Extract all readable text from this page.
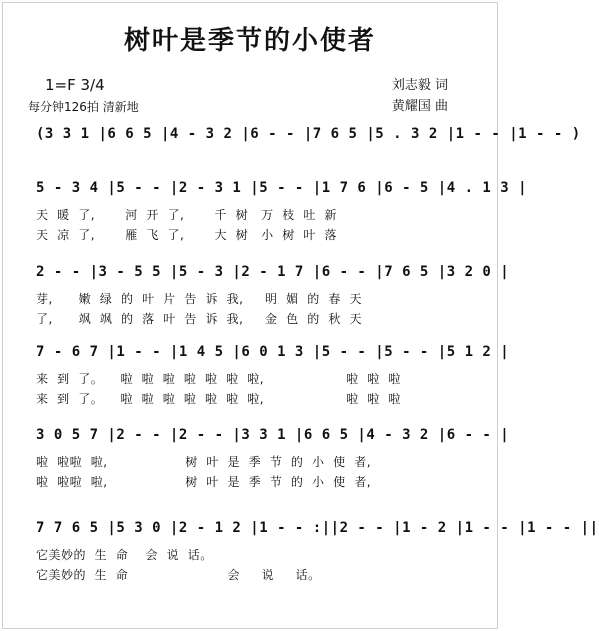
树叶是季节的小使者
1=F 3/4
每分钟126拍 清新地
刘志毅 词
黄耀国 曲
(3 3 1 |6 6 5 |4 - 3 2 |6 - - |7 6 5 |5 . 3 2 |1 - - |1 - - )
5 - 3 4 |5 - - |2 - 3 1 |5 - - |1 7 6 |6 - 5 |4 . 1 3 |
天  暖  了,       河  开  了,       千  树   万  枝  吐  新
天  凉  了,       雁  飞  了,       大  树   小  树  叶  落
2 - - |3 - 5 5 |5 - 3 |2 - 1 7 |6 - - |7 6 5 |3 2 0 |
芽,      嫩  绿  的  叶  片  告  诉  我,     明  媚  的  春  天
了,      飒  飒  的  落  叶  告  诉  我,     金  色  的  秋  天
7 - 6 7 |1 - - |1 4 5 |6 0 1 3 |5 - - |5 - - |5 1 2 |
来  到  了。    啦  啦  啦  啦  啦  啦  啦,                   啦  啦  啦
来  到  了。    啦  啦  啦  啦  啦  啦  啦,                   啦  啦  啦
3 0 5 7 |2 - - |2 - - |3 3 1 |6 6 5 |4 - 3 2 |6 - - |
啦  啦啦  啦,                  树  叶  是  季  节  的  小  使  者,
啦  啦啦  啦,                  树  叶  是  季  节  的  小  使  者,
7 7 6 5 |5 3 0 |2 - 1 2 |1 - - :||2 - - |1 - 2 |1 - - |1 - - ||
它美妙的  生  命    会  说  话。
它美妙的  生  命                       会     说     话。
